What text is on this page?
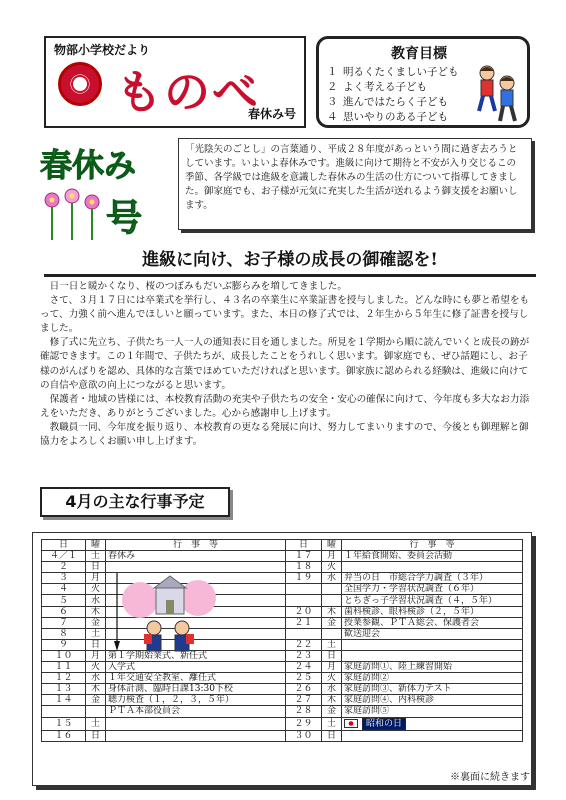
物部小学校だより
ものべ
春休み号
教育目標
１ 明るくたくましい子ども
２ よく考える子ども
３ 進んではたらく子ども
４ 思いやりのある子ども
春休み
号
「光陰矢のごとし」の言葉通り、平成２８年度があっという間に過ぎ去ろうとしています。いよいよ春休みです。進級に向けて期待と不安が入り交じるこの季節、各学級では進級を意識した春休みの生活の仕方について指導してきました。御家庭でも、お子様が元気に充実した生活が送れるよう御支援をお願いします。
進級に向け、お子様の成長の御確認を!

日一日と暖かくなり、桜のつぼみもだいぶ膨らみを増してきました。

さて、３月１７日には卒業式を挙行し、４３名の卒業生に卒業証書を授与しました。どんな時にも夢と希望をもって、力強く前へ進んでほしいと願っています。また、本日の修了式では、２年生から５年生に修了証書を授与しました。

修了式に先立ち、子供たち一人一人の通知表に目を通しました。所見を１学期から順に読んでいくと成長の跡が確認できます。この１年間で、子供たちが、成長したことをうれしく思います。御家庭でも、ぜひ話題にし、お子様のがんばりを認め、具体的な言葉でほめていただければと思います。御家族に認められる経験は、進級に向けての自信や意欲の向上につながると思います。

保護者・地域の皆様には、本校教育活動の充実や子供たちの安全・安心の確保に向けて、今年度も多大なお力添えをいただき、ありがとうございました。心から感謝申し上げます。

教職員一同、今年度を振り返り、本校教育の更なる発展に向け、努力してまいりますので、今後とも御理解と御協力をよろしくお願い申し上げます。

4月の主な行事予定
日	曜	行　事　等	日	曜	行　事　等
４／１	土	春休み	１７	月	１年給食開始、委員会活動
２	日		１８	火	
３	月		１９	水	弁当の日　市総合学力調査（３年）
４	火				全国学力・学習状況調査（６年）
５	水				とちぎっ子学習状況調査（４，５年）
６	木		２０	木	歯科検診、眼科検診（２，５年）
７	金		２１	金	授業参観、ＰＴＡ総会、保護者会
８	土				歓送迎会
９	日		２２	土	
１０	月	第１学期始業式、新任式	２３	日	
１１	火	入学式	２４	月	家庭訪問①、陸上練習開始
１２	水	１年交通安全教室、離任式	２５	火	家庭訪問②
１３	木	身体計測、臨時日課13:30下校	２６	水	家庭訪問③、新体力テスト
１４	金	聴力検査（１，２，３，５年）	２７	木	家庭訪問④、内科検診
		ＰＴＡ本部役員会	２８	金	家庭訪問⑤
１５	土		２９	土	昭和の日
１６	日		３０	日	
※裏面に続きます
